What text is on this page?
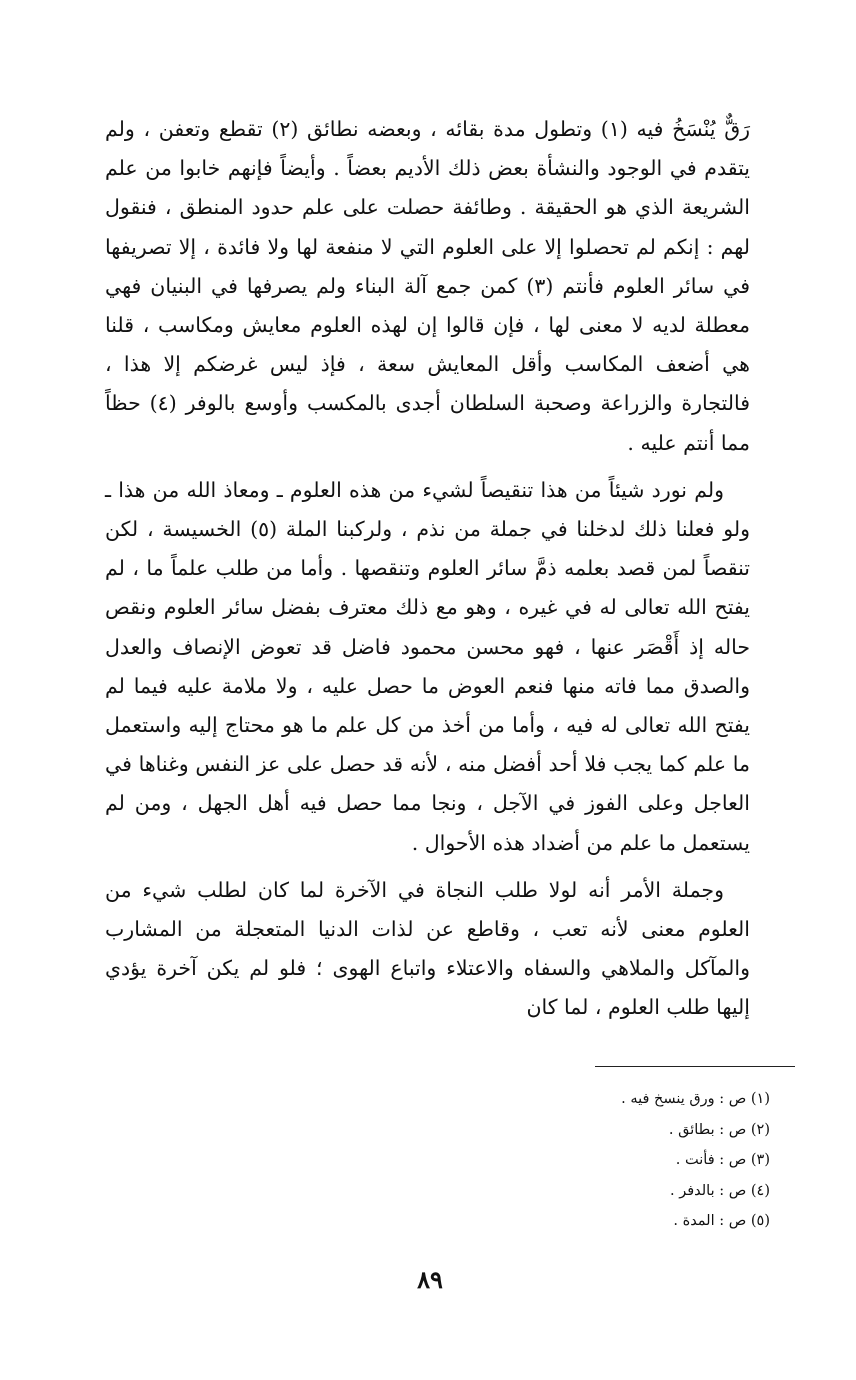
رَقٌّ يُنْسَخُ فيه (١) وتطول مدة بقائه ، وبعضه نطائق (٢) تقطع وتعفن ، ولم يتقدم في الوجود والنشأة بعض ذلك الأديم بعضاً . وأيضاً فإنهم خابوا من علم الشريعة الذي هو الحقيقة . وطائفة حصلت على علم حدود المنطق ، فنقول لهم : إنكم لم تحصلوا إلا على العلوم التي لا منفعة لها ولا فائدة ، إلا تصريفها في سائر العلوم فأنتم (٣) كمن جمع آلة البناء ولم يصرفها في البنيان فهي معطلة لديه لا معنى لها ، فإن قالوا إن لهذه العلوم معايش ومكاسب ، قلنا هي أضعف المكاسب وأقل المعايش سعة ، فإذ ليس غرضكم إلا هذا ، فالتجارة والزراعة وصحبة السلطان أجدى بالمكسب وأوسع بالوفر (٤) حظاً مما أنتم عليه .

ولم نورد شيئاً من هذا تنقيصاً لشيء من هذه العلوم ـ ومعاذ الله من هذا ـ ولو فعلنا ذلك لدخلنا في جملة من نذم ، ولركبنا الملة (٥) الخسيسة ، لكن تنقصاً لمن قصد بعلمه ذمَّ سائر العلوم وتنقصها . وأما من طلب علماً ما ، لم يفتح الله تعالى له في غيره ، وهو مع ذلك معترف بفضل سائر العلوم ونقص حاله إذ أَقْصَر عنها ، فهو محسن محمود فاضل قد تعوض الإنصاف والعدل والصدق مما فاته منها فنعم العوض ما حصل عليه ، ولا ملامة عليه فيما لم يفتح الله تعالى له فيه ، وأما من أخذ من كل علم ما هو محتاج إليه واستعمل ما علم كما يجب فلا أحد أفضل منه ، لأنه قد حصل على عز النفس وغناها في العاجل وعلى الفوز في الآجل ، ونجا مما حصل فيه أهل الجهل ، ومن لم يستعمل ما علم من أضداد هذه الأحوال .

وجملة الأمر أنه لولا طلب النجاة في الآخرة لما كان لطلب شيء من العلوم معنى لأنه تعب ، وقاطع عن لذات الدنيا المتعجلة من المشارب والمآكل والملاهي والسفاه والاعتلاء واتباع الهوى ؛ فلو لم يكن آخرة يؤدي إليها طلب العلوم ، لما كان

(١) ص : ورق ينسخ فيه .
(٢) ص : بطائق .
(٣) ص : فأنت .
(٤) ص : بالدفر .
(٥) ص : المدة .
٨٩
